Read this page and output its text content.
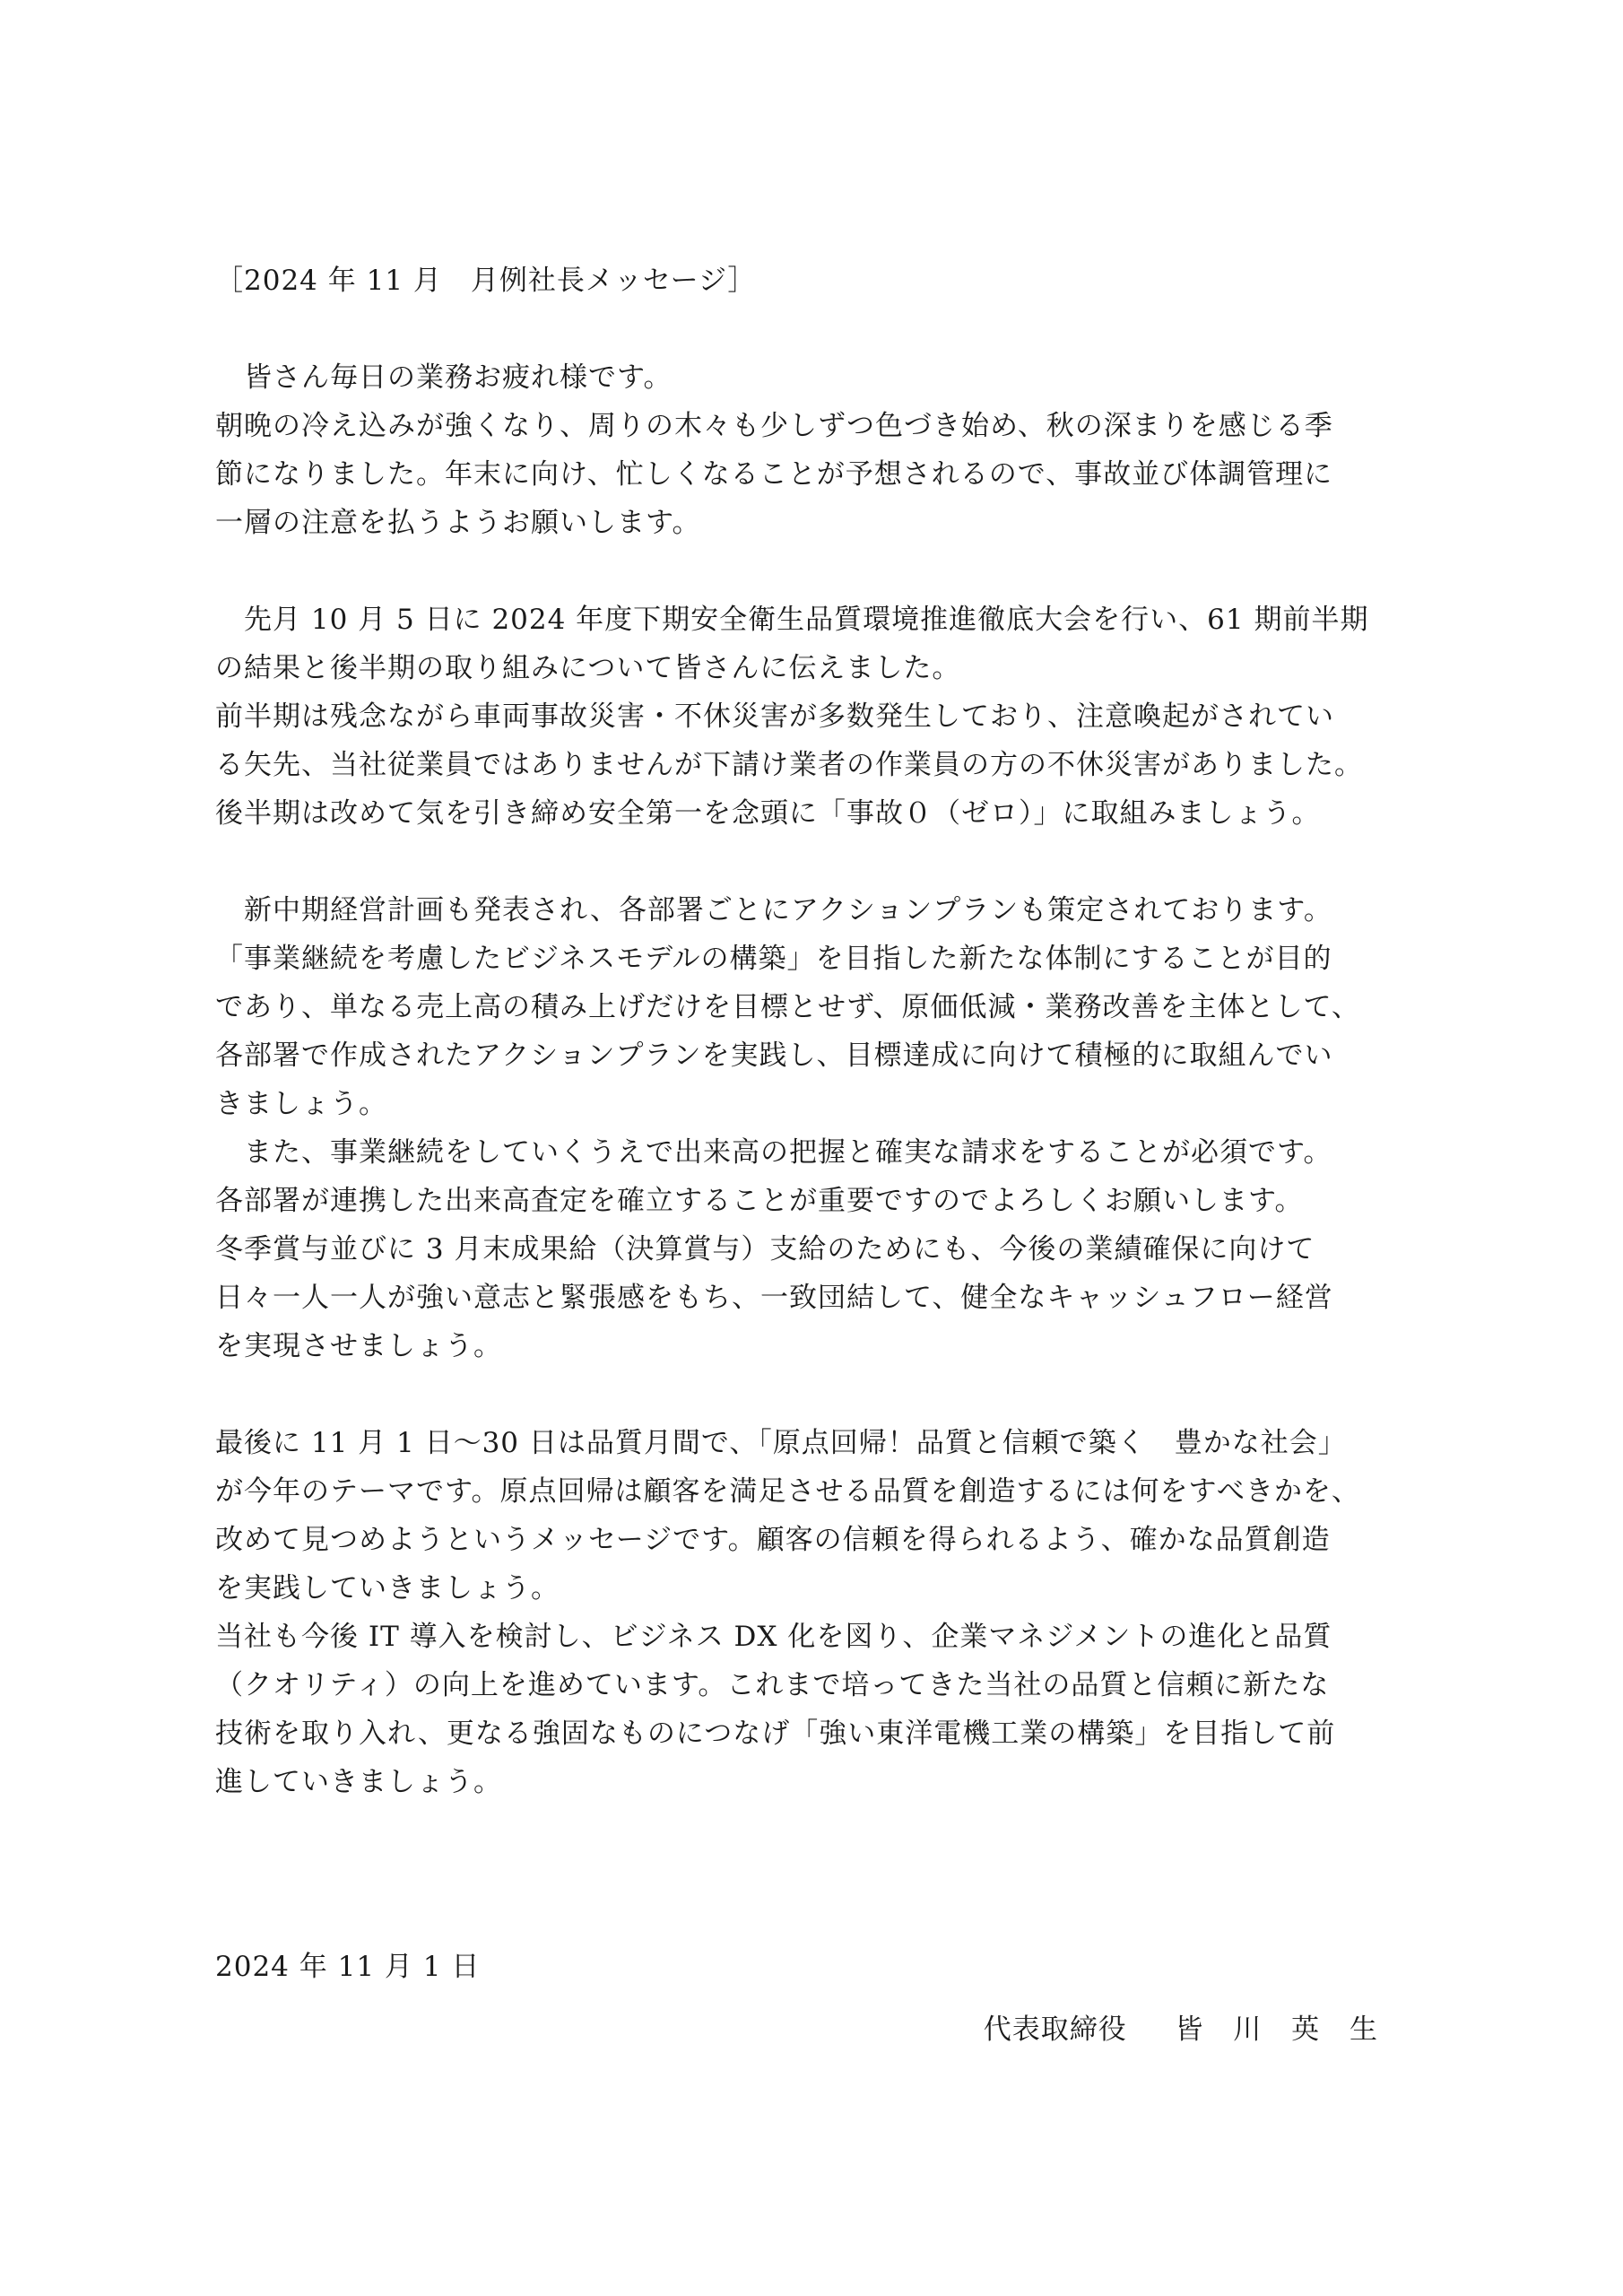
［2024 年 11 月　月例社長メッセージ］
　皆さん毎日の業務お疲れ様です。
朝晩の冷え込みが強くなり、周りの木々も少しずつ色づき始め、秋の深まりを感じる季
節になりました。年末に向け、忙しくなることが予想されるので、事故並び体調管理に
一層の注意を払うようお願いします。
　先月 10 月 5 日に 2024 年度下期安全衛生品質環境推進徹底大会を行い、61 期前半期
の結果と後半期の取り組みについて皆さんに伝えました。
前半期は残念ながら車両事故災害・不休災害が多数発生しており、注意喚起がされてい
る矢先、当社従業員ではありませんが下請け業者の作業員の方の不休災害がありました。
後半期は改めて気を引き締め安全第一を念頭に「事故０（ゼロ）」に取組みましょう。
　新中期経営計画も発表され、各部署ごとにアクションプランも策定されております。
「事業継続を考慮したビジネスモデルの構築」を目指した新たな体制にすることが目的
であり、単なる売上高の積み上げだけを目標とせず、原価低減・業務改善を主体として、
各部署で作成されたアクションプランを実践し、目標達成に向けて積極的に取組んでい
きましょう。
　また、事業継続をしていくうえで出来高の把握と確実な請求をすることが必須です。
各部署が連携した出来高査定を確立することが重要ですのでよろしくお願いします。
冬季賞与並びに 3 月末成果給（決算賞与）支給のためにも、今後の業績確保に向けて
日々一人一人が強い意志と緊張感をもち、一致団結して、健全なキャッシュフロー経営
を実現させましょう。
最後に 11 月 1 日～30 日は品質月間で、「原点回帰！品質と信頼で築く　豊かな社会」
が今年のテーマです。原点回帰は顧客を満足させる品質を創造するには何をすべきかを、
改めて見つめようというメッセージです。顧客の信頼を得られるよう、確かな品質創造
を実践していきましょう。
当社も今後 IT 導入を検討し、ビジネス DX 化を図り、企業マネジメントの進化と品質
（クオリティ）の向上を進めています。これまで培ってきた当社の品質と信頼に新たな
技術を取り入れ、更なる強固なものにつなげ「強い東洋電機工業の構築」を目指して前
進していきましょう。
2024 年 11 月 1 日
代表取締役 　 皆 川 英 生
